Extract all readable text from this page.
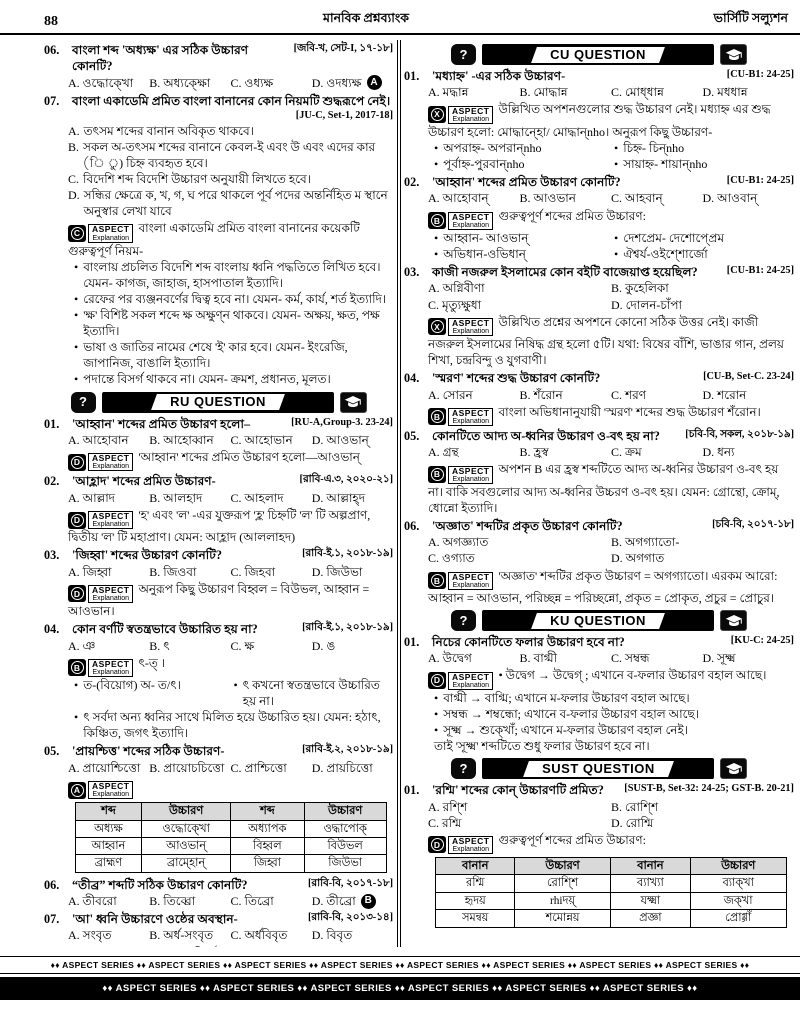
88	মানবিক প্রশ্নব্যাংক	ভার্সিটি সল্যুশন
06.	বাংলা শব্দ 'অধ্যক্ষ' এর সঠিক উচ্চারণ কোনটি?
[জবি-খ, সেট-I, ১৭-১৮]
A. ওদ্ধোক্খো B. অধ্যক্ক্ষো C. ওধ্যক্ষ	D. ওদধ্যক্ষ A
07.	বাংলা একাডেমি প্রমিত বাংলা বানানের কোন নিয়মটি শুদ্ধরূপে নেই।
[JU-C, Set-1, 2017-18]
A. তৎসম শব্দের বানান অবিকৃত থাকবে।
B. সকল অ-তৎসম শব্দের বানানে কেবল-ই এবং উ এবং এদের কার (ি ু) চিহ্ন ব্যবহৃত হবে।
C. বিদেশি শব্দ বিদেশি উচ্চারণ অনুযায়ী লিখতে হবে।
D. সন্ধির ক্ষেত্রে ক, খ, গ, ঘ পরে থাকলে পূর্ব পদের অন্তর্নিহিত ম স্থানে অনুস্বার লেখা যাবে
C	ASPECT
Explanation
বাংলা একাডেমি প্রমিত বাংলা বানানের কয়েকটি গুরুত্বপূর্ণ নিয়ম-
• বাংলায় প্রচলিত বিদেশি শব্দ বাংলায় ধ্বনি পদ্ধতিতে লিখিত হবে। যেমন- কাগজ, জাহাজ, হাসপাতাল ইত্যাদি।
• রেফের পর ব্যঞ্জনবর্ণের দ্বিত্ব হবে না। যেমন- কর্ম, কার্য, শর্ত ইত্যাদি।
• 'ক্ষ' বিশিষ্ট সকল শব্দে ক্ষ অক্ষুণ্ন থাকবে। যেমন- অক্ষয়, ক্ষত, পক্ষ ইত্যাদি।
• ভাষা ও জাতির নামের শেষে 'ই' কার হবে। যেমন- ইংরেজি, জাপানিজ, বাঙালি ইত্যাদি।
• পদান্তে বিসর্গ থাকবে না। যেমন- ক্রমশ, প্রধানত, মূলত।
?	RU QUESTION
01.	'আহ্বান' শব্দের প্রমিত উচ্চারণ হলো–	[RU-A,Group-3. 23-24]
A. আহোবান B. আহোব্বান C. আহোভান D. আওভান্
D	ASPECT
Explanation
'আহ্বান' শব্দের প্রমিত উচ্চারণ হলো—আওভান্
02.	'আহ্লাদ' শব্দের প্রমিত উচ্চারণ-	[রাবি-এ.৩, ২০২০-২১]
A. আল্লাদ	B. আলহাদ C. আহলাদ D. আল্লাহ্দ
D	ASPECT
Explanation
'হ' এবং 'ল' -এর যুক্তরূপ 'হ্ল' চিহ্নটি 'ল' টি অল্পপ্রাণ, দ্বিতীয় 'ল' টি মহাপ্রাণ। যেমন: আহ্লাদ (আললাহদ)
03.	'জিহ্বা' শব্দের উচ্চারণ কোনটি?	[রাবি-ই.১, ২০১৮-১৯]
A. জিহ্বা	B. জিওবা	C. জিহবা	D. জিউভা
D	ASPECT
Explanation
অনুরূপ কিছু উচ্চারণ বিহ্বল = বিউভল, আহ্বান = আওভান।
04.	কোন বর্ণটি স্বতন্ত্রভাবে উচ্চারিত হয় না?	[রাবি-ই.১, ২০১৮-১৯]
A. ঞ	B. ৎ	C. ক্ষ	D. ঙ
B	ASPECT
Explanation
ৎ-ত্ ।
• ত-(বিয়োগ) অ- ত/ৎ।	• ৎ কখনো স্বতন্ত্রভাবে উচ্চারিত হয় না।
• ৎ সর্বদা অন্য ধ্বনির সাথে মিলিত হয়ে উচ্চারিত হয়। যেমন: হঠাৎ, কিঞ্চিত, জগৎ ইত্যাদি।
05.	'প্রায়শ্চিত্ত' শব্দের সঠিক উচ্চারণ-	[রাবি-ই.২, ২০১৮-১৯]
A. প্রায়োশ্চিত্তো B. প্রায়োচচিত্তো C. প্রাশ্চিত্তো D. প্রায়চিত্তো
A	ASPECT
Explanation
শব্দ	উচ্চারণ	শব্দ	উচ্চারণ
অধ্যক্ষ	ওদ্ধোক্খো	অধ্যাপক	ওদ্ধাপোক্
আহ্বান	আওভান্	বিহ্বল	বিউভল
ব্রাহ্মণ	ব্রাম্হোন্	জিহ্বা	জিউভা
06.	“তীব্র” শব্দটি সঠিক উচ্চারণ কোনটি?	[রাবি-বি, ২০১৭-১৮]
A. তীবরো	B. তিব্ব্রো	C. তিব্রো	D. তীব্রো B
07.	'আ' ধ্বনি উচ্চারণে ওষ্ঠের অবস্থান-	[রাবি-বি, ২০১৩-১৪]
A. সংবৃত	B. অর্ধ-সংবৃত C. অর্ধবিবৃত D. বিবৃত

?	CU QUESTION
01.	'মধ্যাহ্ন' -এর সঠিক উচ্চারণ-	[CU-B1: 24-25]
A. মদ্ধান্ন	B. মোদ্ধান্ন	C. মোধ্ধান্ন	D. মধধান্ন
X	ASPECT
Explanation
উল্লিখিত অপশনগুলোর শুদ্ধ উচ্চারণ নেই। মধ্যাহ্ন এর শুদ্ধ উচ্চারণ হলো: মোদ্ধান্হো/ মোদ্ধান্nho। অনুরূপ কিছু উচ্চারণ-
• অপরাহ্ন- অপরান্nho	• চিহ্ন- চিন্nho
• পূর্বাহ্ন-পুরবান্nho	• সায়াহ্ন- শায়ান্nho
02.	'আহ্বান' শব্দের প্রমিত উচ্চারণ কোনটি?	[CU-B1: 24-25]
A. আহোবান্	B. আওভান	C. আহবান্	D. আওবান্
B	ASPECT
Explanation
গুরুত্বপূর্ণ শব্দের প্রমিত উচ্চারণ:
• আহ্বান- আওভান্	• দেশপ্রেম- দেশোপ্প্রেম
• অভিধান-ওভিধান্	• ঐশ্বর্য-ওইশ্শোর্জো
03.	কাজী নজরুল ইসলামের কোন বইটি বাজেয়াপ্ত হয়েছিল?	[CU-B1: 24-25]
A. অগ্নিবীণা	B. কুহেলিকা
C. মৃত্যুক্ষুধা	D. দোলন-চাঁপা
X	ASPECT
Explanation
উল্লিখিত প্রশ্নের অপশনে কোনো সঠিক উত্তর নেই। কাজী নজরুল ইসলামের নিষিদ্ধ গ্রন্থ হলো ৫টি। যথা: বিষের বাঁশি, ভাঙার গান, প্রলয় শিখা, চন্দ্রবিন্দু ও যুগবাণী।
04.	'স্মরণ' শব্দের শুদ্ধ উচ্চারণ কোনটি?	[CU-B, Set-C. 23-24]
A. সোরন	B. শঁরোন	C. শরণ	D. শরোন
B	ASPECT
Explanation
বাংলা অভিধানানুযায়ী 'স্মরণ' শব্দের শুদ্ধ উচ্চারণ শঁরোন।
05.	কোনটিতে আদ্য অ-ধ্বনির উচ্চারণ ও-বৎ হয় না?	[চবি-বি, সকল, ২০১৮-১৯]
A. গ্রন্থ	B. হ্রস্ব	C. ক্রম	D. ধন্য
B	ASPECT
Explanation
অপশন B এর হ্রস্ব শব্দটিতে আদ্য অ-ধ্বনির উচ্চারণ ও-বৎ হয় না। বাকি সবগুলোর আদ্য অ-ধ্বনির উচ্চরণ ও-বৎ হয়। যেমন: গ্রোন্থো, ক্রোম্, ধোন্নো ইত্যাদি।
06.	'অজ্ঞাত' শব্দটির প্রকৃত উচ্চারণ কোনটি?	[চবি-বি, ২০১৭-১৮]
A. অগজ্ঞ্যাত	B. অগগ্যাতো-
C. ওগ্যাত	D. অগগাত
B	ASPECT
Explanation
'অজ্ঞাত' শব্দটির প্রকৃত উচ্চারণ = অগগ্যাতো। এরকম আরো: আহ্বান = আওভান, পরিচ্ছন্ন = পরিচ্ছন্নো, প্রকৃত = প্রোকৃত, প্রচুর = প্রোচুর।
?	KU QUESTION
01.	নিচের কোনটিতে ফলার উচ্চারণ হবে না?	[KU-C: 24-25]
A. উদ্বেগ	B. বাগ্মী	C. সম্বন্ধ	D. সূক্ষ্ম
D	ASPECT
Explanation
• উদ্বেগ → উদ্বেগ্ ; এখানে ব-ফলার উচ্চারণ বহাল আছে।
• বাগ্মী → বাগ্মি; এখানে ম-ফলার উচ্চারণ বহাল আছে।
• সম্বন্ধ → শম্বন্ধো; এখানে ব-ফলার উচ্চারণ বহাল আছে।
• সূক্ষ্ম → শুক্খোঁ; এখানে ম-ফলার উচ্চারণ বহাল নেই।
তাই 'সূক্ষ্ম' শব্দটিতে শুধু ফলার উচ্চারণ হবে না।
?	SUST QUESTION
01.	'রশ্মি' শব্দের কোন্ উচ্চারণটি প্রমিত?	[SUST-B, Set-32: 24-25; GST-B. 20-21]
A. রশ্শি	B. রোশ্শি
C. রশ্মি	D. রোশ্মি
D	ASPECT
Explanation
গুরুত্বপূর্ণ শব্দের প্রমিত উচ্চারণ:
বানান	উচ্চারণ	বানান	উচ্চারণ
রশ্মি	রোশ্শি	ব্যাখ্যা	ব্যাক্খা
হৃদয়	rhiদয়্	যক্ষ্মা	জক্খা
সমন্বয়	শমোন্নয়	প্রজ্ঞা	প্রোগ্গাঁ
♦♦ ASPECT SERIES ♦♦ ASPECT SERIES ♦♦ ASPECT SERIES ♦♦ ASPECT SERIES ♦♦ ASPECT SERIES ♦♦ ASPECT SERIES ♦♦ ASPECT SERIES ♦♦ ASPECT SERIES ♦♦
♦♦ ASPECT SERIES ♦♦ ASPECT SERIES ♦♦ ASPECT SERIES ♦♦ ASPECT SERIES ♦♦ ASPECT SERIES ♦♦ ASPECT SERIES ♦♦
